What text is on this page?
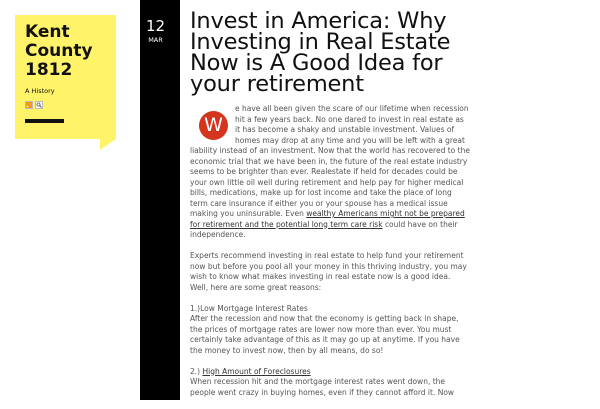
Kent
County
1812
A History
12
MAR
Invest in America: Why Investing in Real Estate Now is A Good Idea for your retirement

W
e have all been given the scare of our lifetime when recession hit a few years back. No one dared to invest in real estate as it has become a shaky and unstable investment. Values of homes may drop at any time and you will be left with a great liability instead of an investment. Now that the world has recovered to the economic trial that we have been in, the future of the real estate industry seems to be brighter than ever. Realestate if held for decades could be your own little oil well during retirement and help pay for higher medical bills, medications, make up for lost income and take the place of long term care insurance if either you or your spouse has a medical issue making you uninsurable. Even wealthy Americans might not be prepared for retirement and the potential long term care risk could have on their independence.

Experts recommend investing in real estate to help fund your retirement now but before you pool all your money in this thriving industry, you may wish to know what makes investing in real estate now is a good idea. Well, here are some great reasons:

1.)Low Mortgage Interest Rates
After the recession and now that the economy is getting back in shape, the prices of mortgage rates are lower now more than ever. You must certainly take advantage of this as it may go up at anytime. If you have the money to invest now, then by all means, do so!

2.) High Amount of Foreclosures
When recession hit and the mortgage interest rates went down, the people went crazy in buying homes, even if they cannot afford it. Now
